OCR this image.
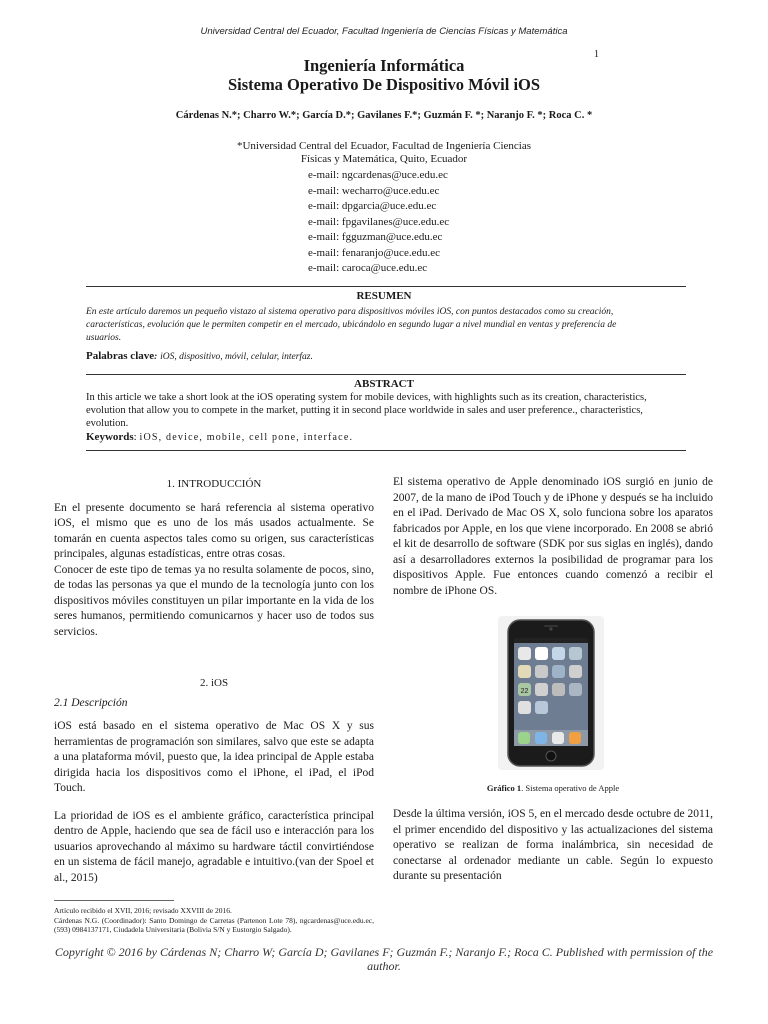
Universidad Central del Ecuador, Facultad Ingeniería de Ciencias Físicas y Matemática
1
Ingeniería Informática
Sistema Operativo De Dispositivo Móvil iOS
Cárdenas N.*; Charro W.*; García D.*; Gavilanes F.*; Guzmán F. *; Naranjo F. *; Roca C. *
*Universidad Central del Ecuador, Facultad de Ingeniería Ciencias
Físicas y Matemática, Quito, Ecuador
e-mail: ngcardenas@uce.edu.ec
e-mail: wecharro@uce.edu.ec
e-mail: dpgarcia@uce.edu.ec
e-mail: fpgavilanes@uce.edu.ec
e-mail: fgguzman@uce.edu.ec
e-mail: fenaranjo@uce.edu.ec
e-mail: caroca@uce.edu.ec
RESUMEN
En este artículo daremos un pequeño vistazo al sistema operativo para dispositivos móviles iOS, con puntos destacados como su creación, características, evolución que le permiten competir en el mercado, ubicándolo en segundo lugar a nivel mundial en ventas y preferencia de usuarios.
Palabras clave: iOS, dispositivo, móvil, celular, interfaz.
ABSTRACT
In this article we take a short look at the iOS operating system for mobile devices, with highlights such as its creation, characteristics, evolution that allow you to compete in the market, putting it in second place worldwide in sales and user preference., characteristics, evolution.
Keywords: iOS, device, mobile, cell pone, interface.
1. INTRODUCCIÓN

En el presente documento se hará referencia al sistema operativo iOS, el mismo que es uno de los más usados actualmente. Se tomarán en cuenta aspectos tales como su origen, sus características principales, algunas estadísticas, entre otras cosas.

Conocer de este tipo de temas ya no resulta solamente de pocos, sino, de todas las personas ya que el mundo de la tecnología junto con los dispositivos móviles constituyen un pilar importante en la vida de los seres humanos, permitiendo comunicarnos y hacer uso de todos sus servicios.

2. iOS
2.1 Descripción

iOS está basado en el sistema operativo de Mac OS X y sus herramientas de programación son similares, salvo que este se adapta a una plataforma móvil, puesto que, la idea principal de Apple estaba dirigida hacia los dispositivos como el iPhone, el iPad, el iPod Touch.

La prioridad de iOS es el ambiente gráfico, característica principal dentro de Apple, haciendo que sea de fácil uso e interacción para los usuarios aprovechando al máximo su hardware táctil convirtiéndose en un sistema de fácil manejo, agradable e intuitivo.(van der Spoel et al., 2015)

El sistema operativo de Apple denominado iOS surgió en junio de 2007, de la mano de iPod Touch y de iPhone y después se ha incluido en el iPad. Derivado de Mac OS X, solo funciona sobre los aparatos fabricados por Apple, en los que viene incorporado. En 2008 se abrió el kit de desarrollo de software (SDK por sus siglas en inglés), dando así a desarrolladores externos la posibilidad de programar para los dispositivos Apple. Fue entonces cuando comenzó a recibir el nombre de iPhone OS.

22
Gráfico 1. Sistema operativo de Apple

Desde la última versión, iOS 5, en el mercado desde octubre de 2011, el primer encendido del dispositivo y las actualizaciones del sistema operativo se realizan de forma inalámbrica, sin necesidad de conectarse al ordenador mediante un cable. Según lo expuesto durante su presentación

Artículo recibido el XVII, 2016; revisado XXVIII de 2016.
Cárdenas N.G. (Coordinador): Santo Domingo de Carretas (Partenon Lote 78), ngcardenas@uce.edu.ec, (593) 0984137171, Ciudadela Universitaria (Bolivia S/N y Eustorgio Salgado).
Copyright © 2016 by Cárdenas N; Charro W; García D; Gavilanes F; Guzmán F.; Naranjo F.; Roca C. Published with permission of the author.
